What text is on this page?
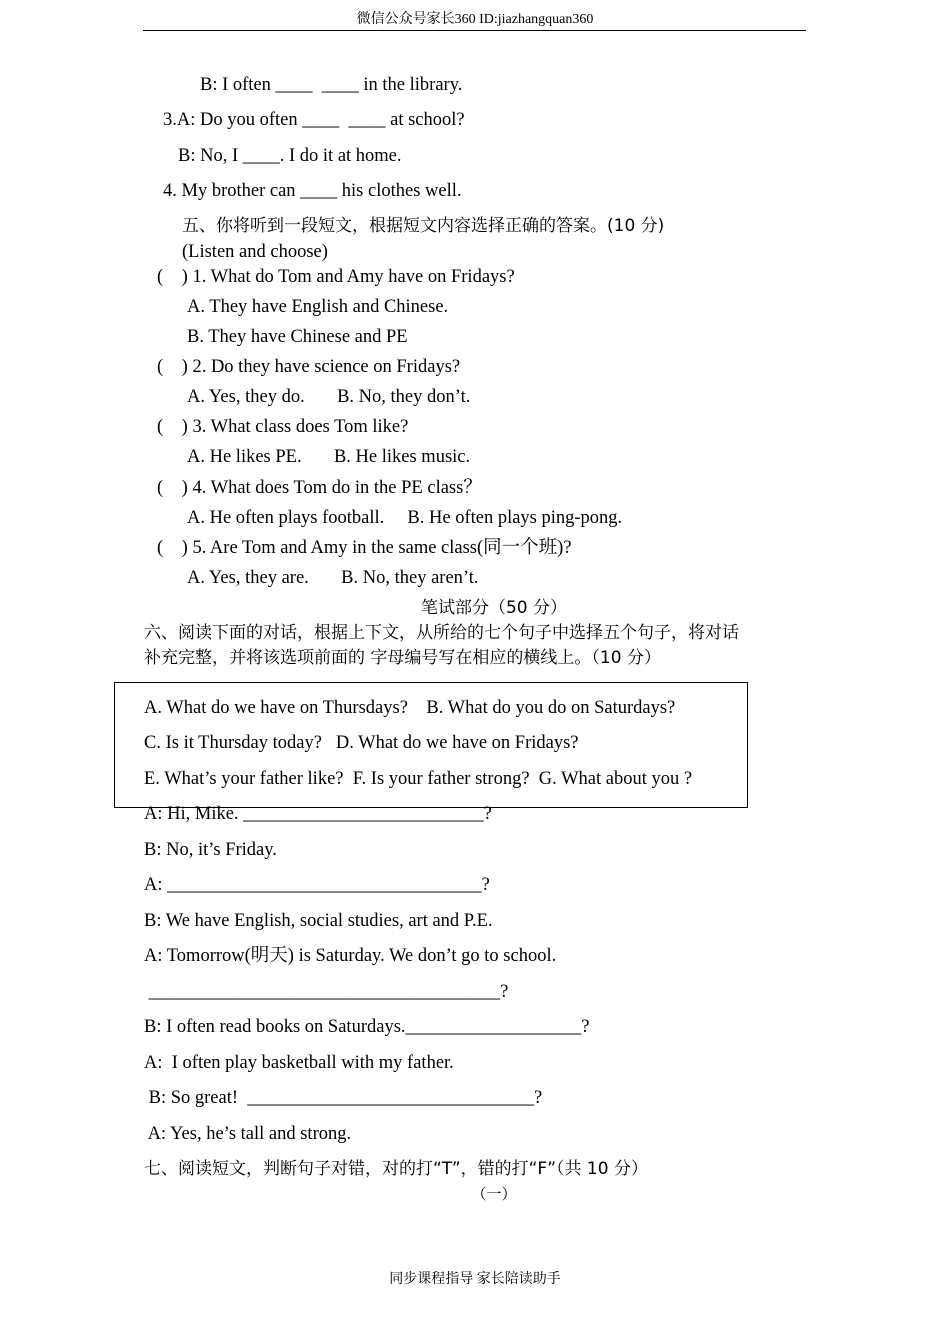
微信公众号家长360 ID:jiazhangquan360
B: I often ____  ____ in the library.
3.A: Do you often ____  ____ at school?
B: No, I ____. I do it at home.
4. My brother can ____ his clothes well.
五、你将听到一段短文，根据短文内容选择正确的答案。(10 分)
(Listen and choose)
(    ) 1. What do Tom and Amy have on Fridays?
A. They have English and Chinese.
B. They have Chinese and PE
(    ) 2. Do they have science on Fridays?
A. Yes, they do.       B. No, they don’t.
(    ) 3. What class does Tom like?
A. He likes PE.       B. He likes music.
(    ) 4. What does Tom do in the PE class？
A. He often plays football.     B. He often plays ping-pong.
(    ) 5. Are Tom and Amy in the same class(同一个班)?
A. Yes, they are.       B. No, they aren’t.
笔试部分（50 分）
六、阅读下面的对话，根据上下文，从所给的七个句子中选择五个句子，将对话
补充完整，并将该选项前面的 字母编号写在相应的横线上。（10 分）
A. What do we have on Thursdays?    B. What do you do on Saturdays?
C. Is it Thursday today?   D. What do we have on Fridays?
E. What’s your father like?  F. Is your father strong?  G. What about you ?
A: Hi, Mike. __________________________?
B: No, it’s Friday.
A: __________________________________?
B: We have English, social studies, art and P.E.
A: Tomorrow(明天) is Saturday. We don’t go to school.
______________________________________?
B: I often read books on Saturdays.___________________?
A:  I often play basketball with my father.
B: So great!  _______________________________?
A: Yes, he’s tall and strong.
七、阅读短文，判断句子对错，对的打“T”，错的打“F”（共 10 分）
（一）
同步课程指导 家长陪读助手
